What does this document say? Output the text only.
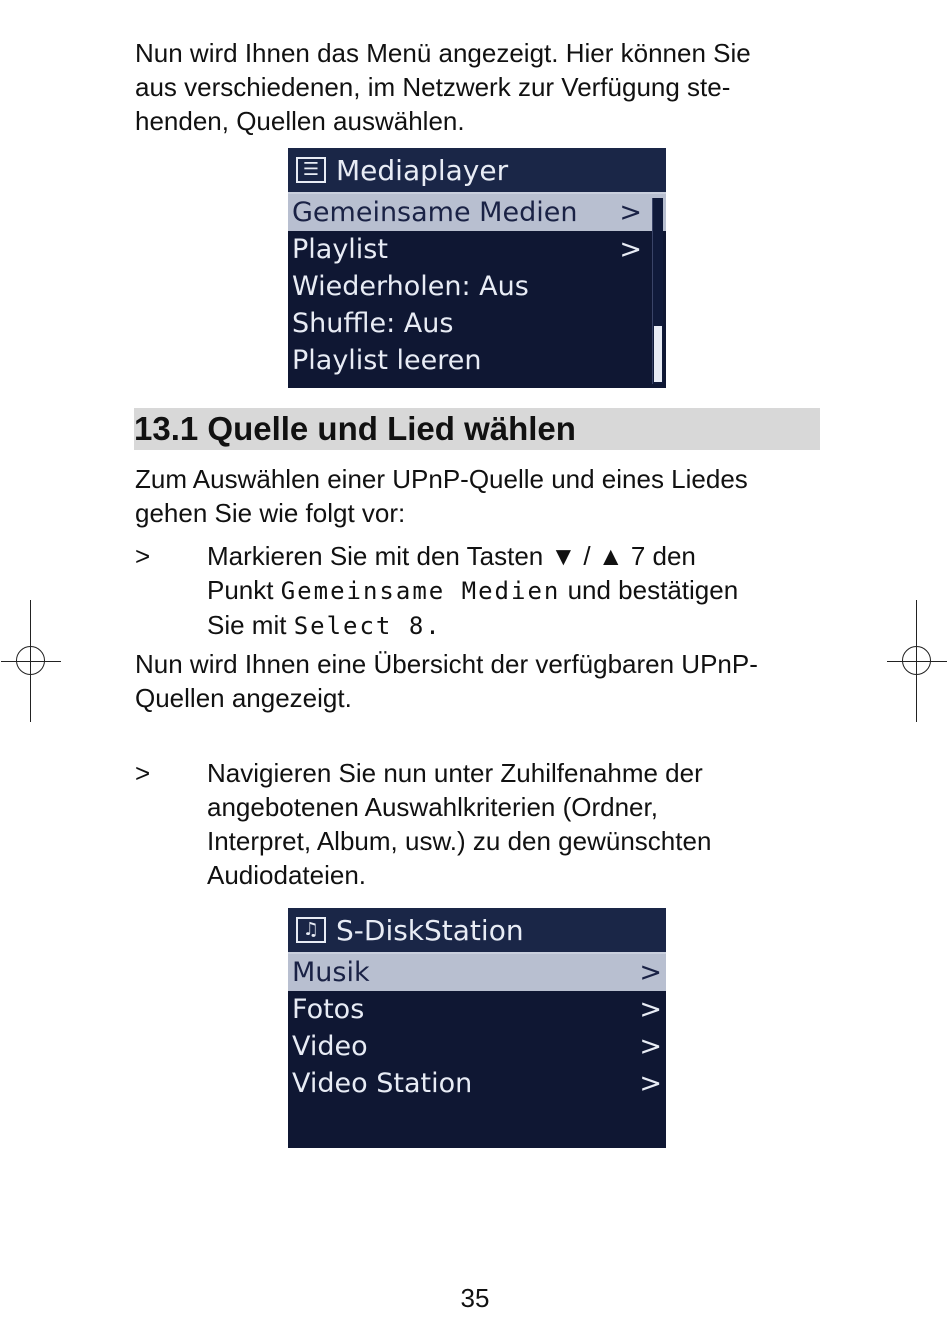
Nun wird Ihnen das Menü angezeigt. Hier können Sie
aus verschiedenen, im Netzwerk zur Verfügung ste-
henden, Quellen auswählen.
☰ Mediaplayer
Gemeinsame Medien >
Playlist	>
Wiederholen: Aus
Shuffle: Aus
Playlist leeren
13.1 Quelle und Lied wählen
Zum Auswählen einer UPnP-Quelle und eines Liedes
gehen Sie wie folgt vor:
> Markieren Sie mit den Tasten ▼ / ▲ 7 den
Punkt Gemeinsame Medien und bestätigen
Sie mit Select 8.
Nun wird Ihnen eine Übersicht der verfügbaren UPnP-
Quellen angezeigt.
> Navigieren Sie nun unter Zuhilfenahme der
angebotenen Auswahlkriterien (Ordner,
Interpret, Album, usw.) zu den gewünschten
Audiodateien.
♫ S-DiskStation
Musik	>
Fotos	>
Video	>
Video Station	>
35
